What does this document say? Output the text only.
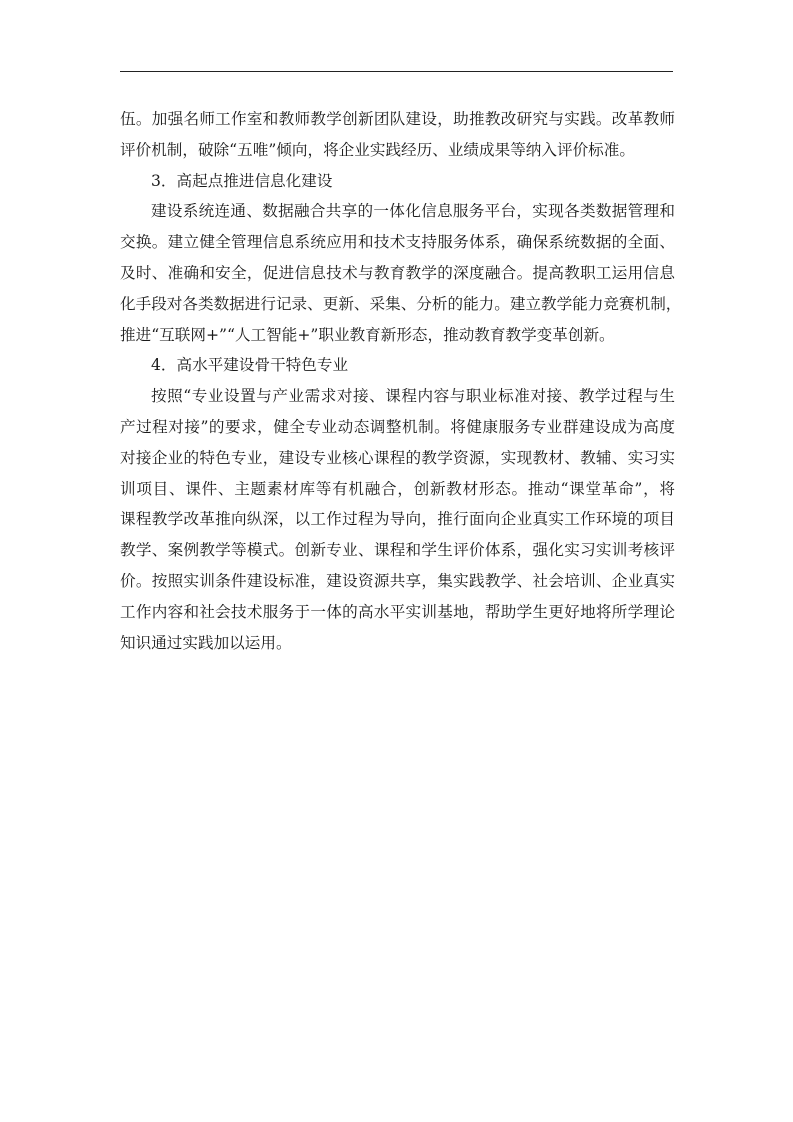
伍。加强名师工作室和教师教学创新团队建设，助推教改研究与实践。改革教师
评价机制，破除“五唯”倾向，将企业实践经历、业绩成果等纳入评价标准。
3．高起点推进信息化建设
建设系统连通、数据融合共享的一体化信息服务平台，实现各类数据管理和
交换。建立健全管理信息系统应用和技术支持服务体系，确保系统数据的全面、
及时、准确和安全，促进信息技术与教育教学的深度融合。提高教职工运用信息
化手段对各类数据进行记录、更新、采集、分析的能力。建立教学能力竞赛机制，
推进“互联网+”“人工智能+”职业教育新形态，推动教育教学变革创新。
4．高水平建设骨干特色专业
按照“专业设置与产业需求对接、课程内容与职业标准对接、教学过程与生
产过程对接”的要求，健全专业动态调整机制。将健康服务专业群建设成为高度
对接企业的特色专业，建设专业核心课程的教学资源，实现教材、教辅、实习实
训项目、课件、主题素材库等有机融合，创新教材形态。推动“课堂革命”，将
课程教学改革推向纵深，以工作过程为导向，推行面向企业真实工作环境的项目
教学、案例教学等模式。创新专业、课程和学生评价体系，强化实习实训考核评
价。按照实训条件建设标准，建设资源共享，集实践教学、社会培训、企业真实
工作内容和社会技术服务于一体的高水平实训基地，帮助学生更好地将所学理论
知识通过实践加以运用。
